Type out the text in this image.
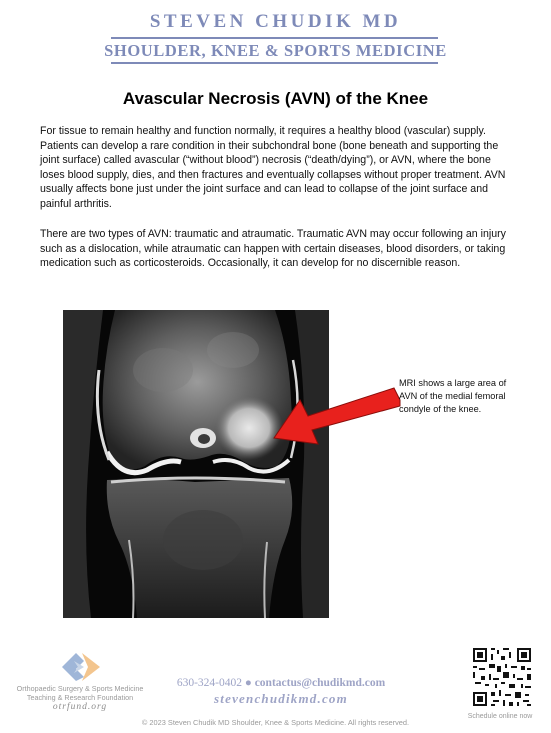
STEVEN CHUDIK MD
SHOULDER, KNEE & SPORTS MEDICINE
Avascular Necrosis (AVN) of the Knee

For tissue to remain healthy and function normally, it requires a healthy blood (vascular) supply. Patients can develop a rare condition in their subchondral bone (bone beneath and supporting the joint surface) called avascular (“without blood”) necrosis (“death/dying”), or AVN, where the bone loses blood supply, dies, and then fractures and eventually collapses without proper treatment. AVN usually affects bone just under the joint surface and can lead to collapse of the joint surface and painful arthritis.

There are two types of AVN: traumatic and atraumatic. Traumatic AVN may occur following an injury such as a dislocation, while atraumatic can happen with certain diseases, blood disorders, or taking medication such as corticosteroids. Occasionally, it can develop for no discernible reason.

MRI shows a large area of AVN of the medial femoral condyle of the knee.
Orthopaedic Surgery & Sports Medicine
Teaching & Research Foundation
otrfund.org
630-324-0402 ● contactus@chudikmd.com
stevenchudikmd.com
© 2023 Steven Chudik MD Shoulder, Knee & Sports Medicine. All rights reserved.
Schedule online now
